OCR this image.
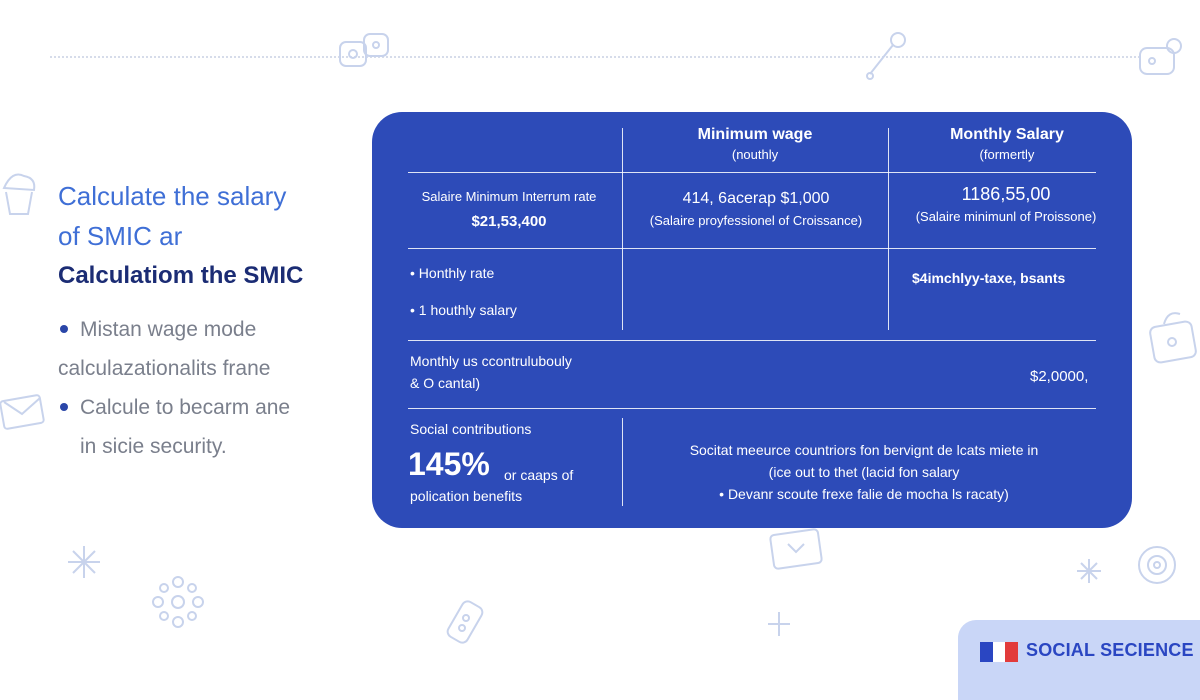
Calculate the salary
of SMIC ar
Calculatiom the SMIC
Mistan wage mode
calculazationalits frane
Calcule to becarm ane
in sicie security.
Minimum wage
(nouthly
Monthly Salary
(formertly
Salaire Minimum Interrum rate
$21,53,400
414, 6acerap $1,000
(Salaire proyfessionel of Croissance)
1186,55,00
(Salaire minimunl of Proissone)
• Honthly rate
• 1 houthly salary
$4imchlyy-taxe, bsants
Monthly us ccontruluboulу
& O cantal)	$2,0000,
Social contributions
145% or caaps of
polication benefits
Socitat meeurce countriors fon bervignt de lcats miete in
(ice out to thet (lacid fon salary
• Devanr scoute frexe falie de mocha ls racaty)
SOCIAL SECIENCE
